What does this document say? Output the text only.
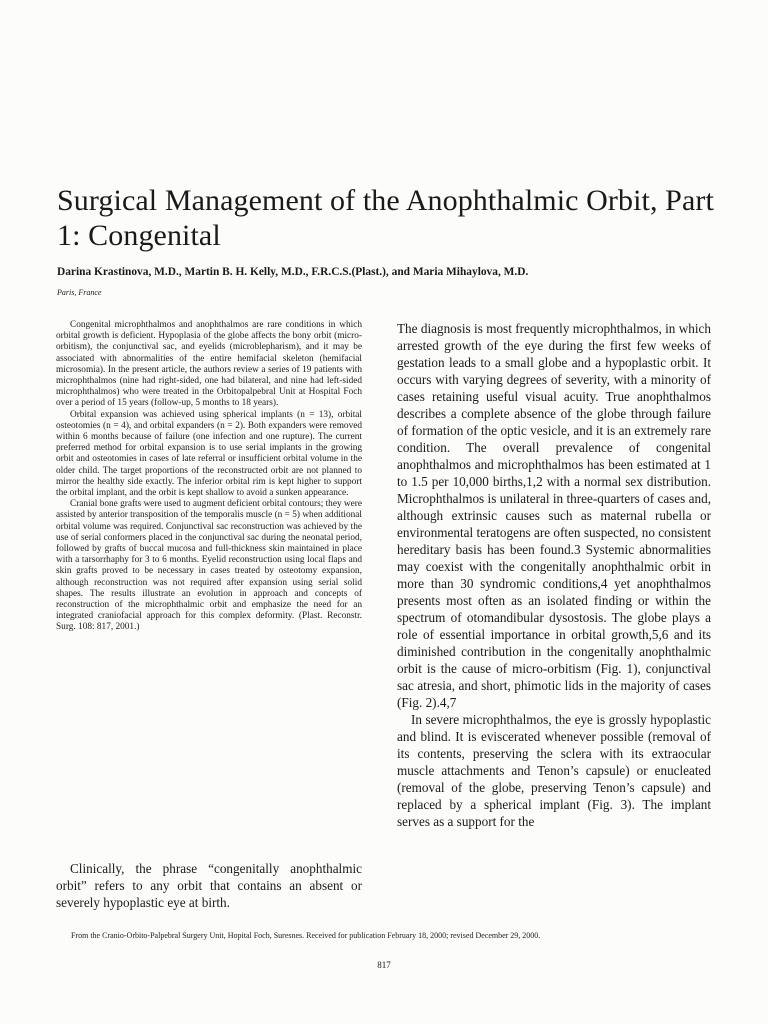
Surgical Management of the Anophthalmic Orbit, Part 1: Congenital

Darina Krastinova, M.D., Martin B. H. Kelly, M.D., F.R.C.S.(Plast.), and Maria Mihaylova, M.D.

Paris, France

Congenital microphthalmos and anophthalmos are rare conditions in which orbital growth is deficient. Hypoplasia of the globe affects the bony orbit (micro-orbitism), the conjunctival sac, and eyelids (microblepharism), and it may be associated with abnormalities of the entire hemifacial skeleton (hemifacial microsomia). In the present article, the authors review a series of 19 patients with microphthalmos (nine had right-sided, one had bilateral, and nine had left-sided microphthalmos) who were treated in the Orbitopalpebral Unit at Hospital Foch over a period of 15 years (follow-up, 5 months to 18 years).

Orbital expansion was achieved using spherical implants (n = 13), orbital osteotomies (n = 4), and orbital expanders (n = 2). Both expanders were removed within 6 months because of failure (one infection and one rupture). The current preferred method for orbital expansion is to use serial implants in the growing orbit and osteotomies in cases of late referral or insufficient orbital volume in the older child. The target proportions of the reconstructed orbit are not planned to mirror the healthy side exactly. The inferior orbital rim is kept higher to support the orbital implant, and the orbit is kept shallow to avoid a sunken appearance.

Cranial bone grafts were used to augment deficient orbital contours; they were assisted by anterior transposition of the temporalis muscle (n = 5) when additional orbital volume was required. Conjunctival sac reconstruction was achieved by the use of serial conformers placed in the conjunctival sac during the neonatal period, followed by grafts of buccal mucosa and full-thickness skin maintained in place with a tarsorrhaphy for 3 to 6 months. Eyelid reconstruction using local flaps and skin grafts proved to be necessary in cases treated by osteotomy expansion, although reconstruction was not required after expansion using serial solid shapes. The results illustrate an evolution in approach and concepts of reconstruction of the microphthalmic orbit and emphasize the need for an integrated craniofacial approach for this complex deformity. (Plast. Reconstr. Surg. 108: 817, 2001.)

Clinically, the phrase “congenitally anophthalmic orbit” refers to any orbit that contains an absent or severely hypoplastic eye at birth.

The diagnosis is most frequently microphthalmos, in which arrested growth of the eye during the first few weeks of gestation leads to a small globe and a hypoplastic orbit. It occurs with varying degrees of severity, with a minority of cases retaining useful visual acuity. True anophthalmos describes a complete absence of the globe through failure of formation of the optic vesicle, and it is an extremely rare condition. The overall prevalence of congenital anophthalmos and microphthalmos has been estimated at 1 to 1.5 per 10,000 births,1,2 with a normal sex distribution. Microphthalmos is unilateral in three-quarters of cases and, although extrinsic causes such as maternal rubella or environmental teratogens are often suspected, no consistent hereditary basis has been found.3 Systemic abnormalities may coexist with the congenitally anophthalmic orbit in more than 30 syndromic conditions,4 yet anophthalmos presents most often as an isolated finding or within the spectrum of otomandibular dysostosis. The globe plays a role of essential importance in orbital growth,5,6 and its diminished contribution in the congenitally anophthalmic orbit is the cause of micro-orbitism (Fig. 1), conjunctival sac atresia, and short, phimotic lids in the majority of cases (Fig. 2).4,7

In severe microphthalmos, the eye is grossly hypoplastic and blind. It is eviscerated whenever possible (removal of its contents, preserving the sclera with its extraocular muscle attachments and Tenon’s capsule) or enucleated (removal of the globe, preserving Tenon’s capsule) and replaced by a spherical implant (Fig. 3). The implant serves as a support for the

From the Cranio-Orbito-Palpebral Surgery Unit, Hopital Foch, Suresnes. Received for publication February 18, 2000; revised December 29, 2000.

817
